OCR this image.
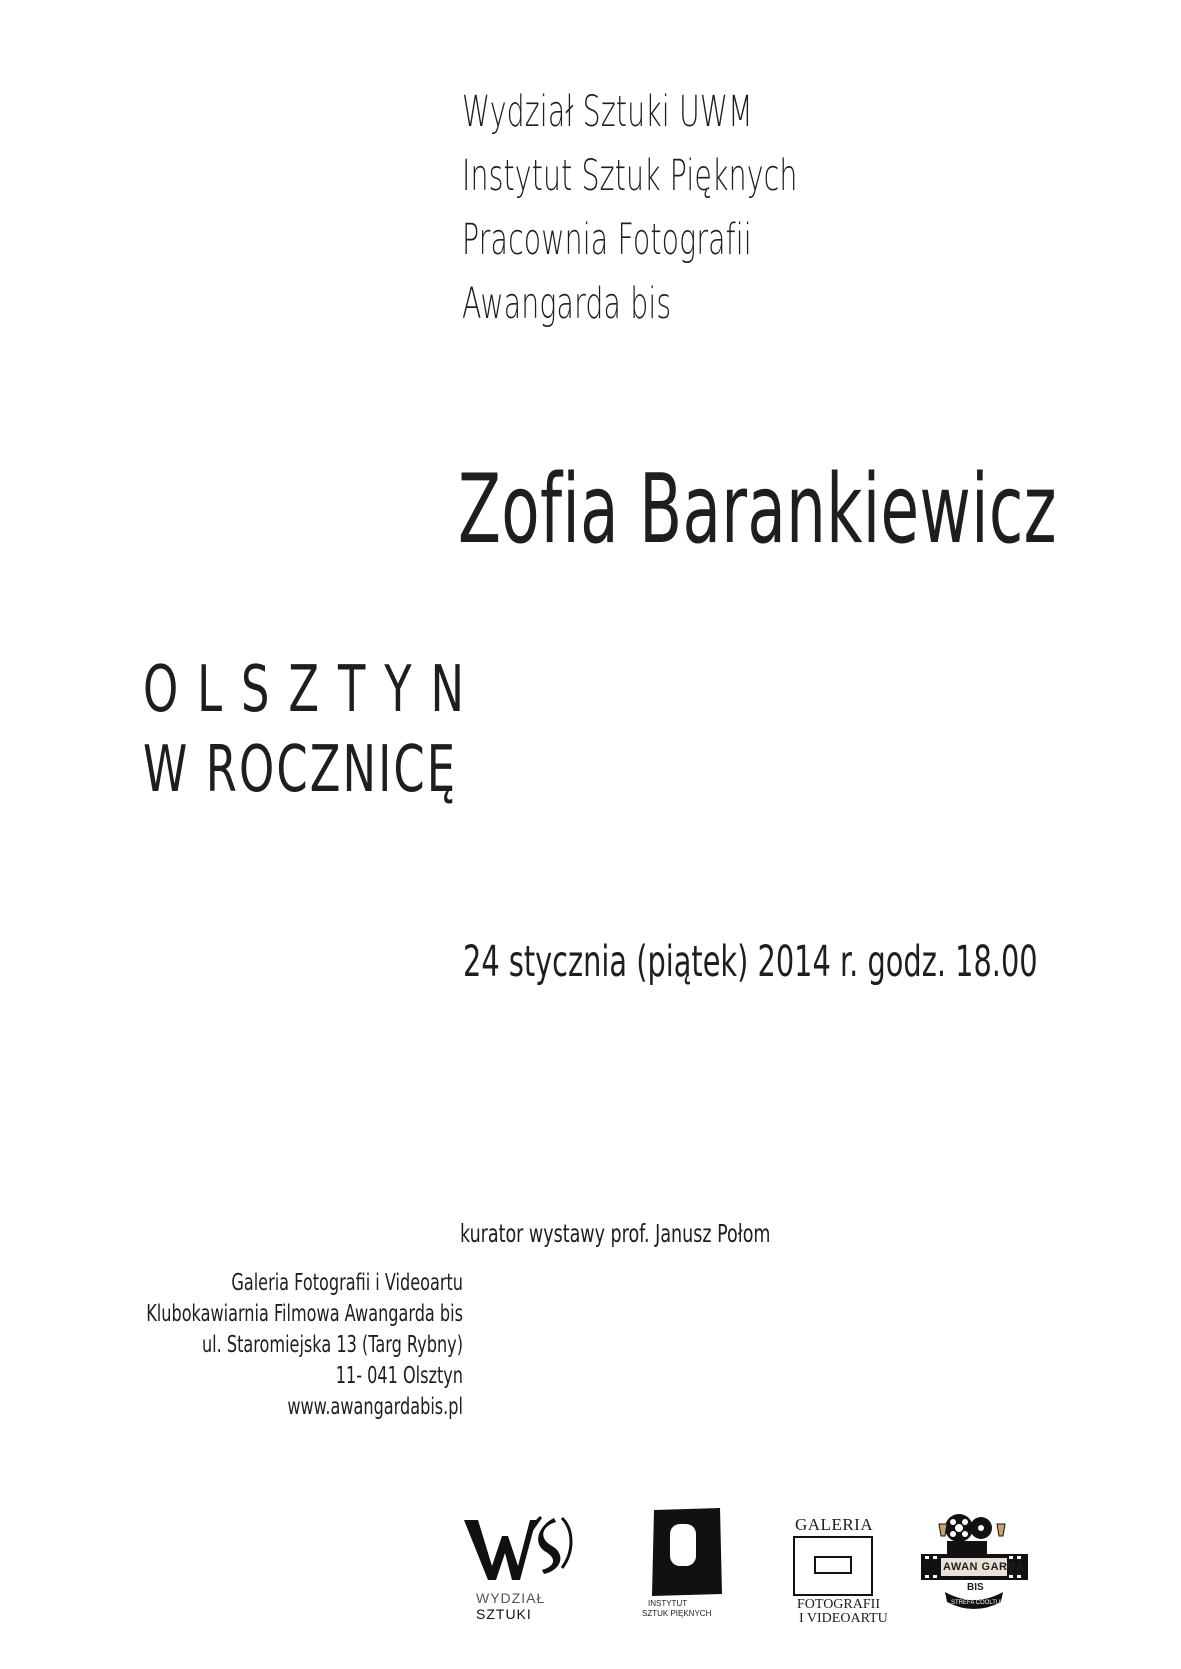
Wydział Sztuki UWM
Instytut Sztuk Pięknych
Pracownia Fotografii
Awangarda bis
Zofia Barankiewicz
OLSZTYN
W ROCZNICĘ
24 stycznia (piątek) 2014 r. godz. 18.00
kurator wystawy prof. Janusz Połom
Galeria Fotografii i Videoartu
Klubokawiarnia Filmowa Awangarda bis
ul. Staromiejska 13 (Targ Rybny)
11- 041 Olsztyn
www.awangardabis.pl
WYDZIAŁ
SZTUKI
INSTYTUT
SZTUK PIĘKNYCH
GALERIA
FOTOGRAFII
I VIDEOARTU
AWAN GARDA
BIS
STREFA COOLTURY
